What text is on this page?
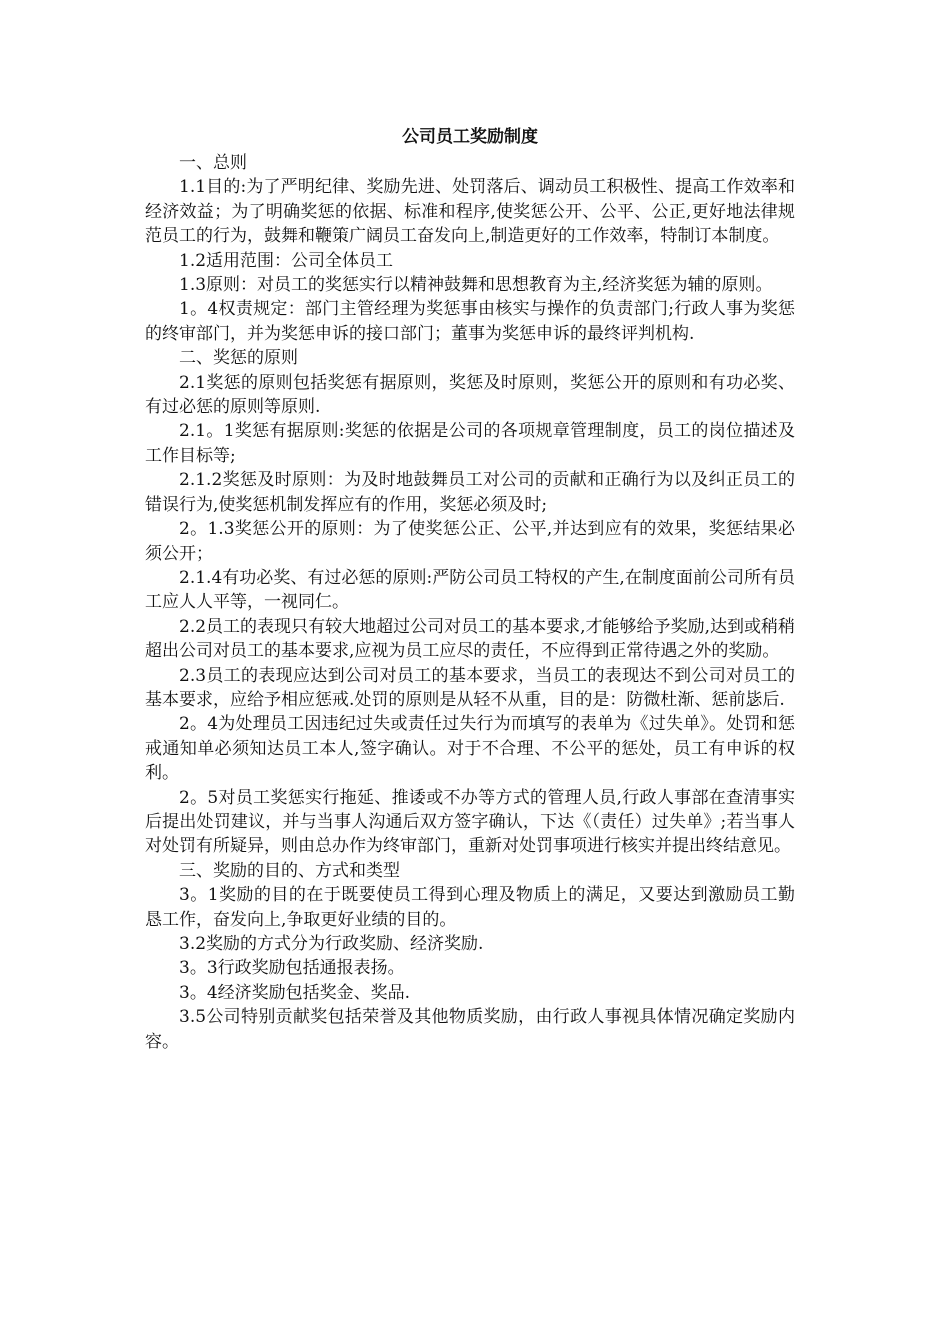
公司员工奖励制度

一、总则

1.1目的:为了严明纪律、奖励先进、处罚落后、调动员工积极性、提高工作效率和经济效益；为了明确奖惩的依据、标准和程序,使奖惩公开、公平、公正,更好地法律规范员工的行为，鼓舞和鞭策广阔员工奋发向上,制造更好的工作效率，特制订本制度。

1.2适用范围：公司全体员工

1.3原则：对员工的奖惩实行以精神鼓舞和思想教育为主,经济奖惩为辅的原则。

1。4权责规定：部门主管经理为奖惩事由核实与操作的负责部门;行政人事为奖惩的终审部门，并为奖惩申诉的接口部门；董事为奖惩申诉的最终评判机构.

二、奖惩的原则

2.1奖惩的原则包括奖惩有据原则，奖惩及时原则，奖惩公开的原则和有功必奖、有过必惩的原则等原则.

2.1。1奖惩有据原则:奖惩的依据是公司的各项规章管理制度，员工的岗位描述及工作目标等;

2.1.2奖惩及时原则：为及时地鼓舞员工对公司的贡献和正确行为以及纠正员工的错误行为,使奖惩机制发挥应有的作用，奖惩必须及时;

2。1.3奖惩公开的原则：为了使奖惩公正、公平,并达到应有的效果，奖惩结果必须公开；

2.1.4有功必奖、有过必惩的原则:严防公司员工特权的产生,在制度面前公司所有员工应人人平等，一视同仁。

2.2员工的表现只有较大地超过公司对员工的基本要求,才能够给予奖励,达到或稍稍超出公司对员工的基本要求,应视为员工应尽的责任，不应得到正常待遇之外的奖励。

2.3员工的表现应达到公司对员工的基本要求，当员工的表现达不到公司对员工的基本要求，应给予相应惩戒.处罚的原则是从轻不从重，目的是：防微杜渐、惩前毖后.

2。4为处理员工因违纪过失或责任过失行为而填写的表单为《过失单》。处罚和惩戒通知单必须知达员工本人,签字确认。对于不合理、不公平的惩处，员工有申诉的权利。

2。5对员工奖惩实行拖延、推诿或不办等方式的管理人员,行政人事部在查清事实后提出处罚建议，并与当事人沟通后双方签字确认，下达《（责任）过失单》;若当事人对处罚有所疑异，则由总办作为终审部门，重新对处罚事项进行核实并提出终结意见。

三、奖励的目的、方式和类型

3。1奖励的目的在于既要使员工得到心理及物质上的满足，又要达到激励员工勤恳工作，奋发向上,争取更好业绩的目的。

3.2奖励的方式分为行政奖励、经济奖励.

3。3行政奖励包括通报表扬。

3。4经济奖励包括奖金、奖品.

3.5公司特别贡献奖包括荣誉及其他物质奖励，由行政人事视具体情况确定奖励内容。
